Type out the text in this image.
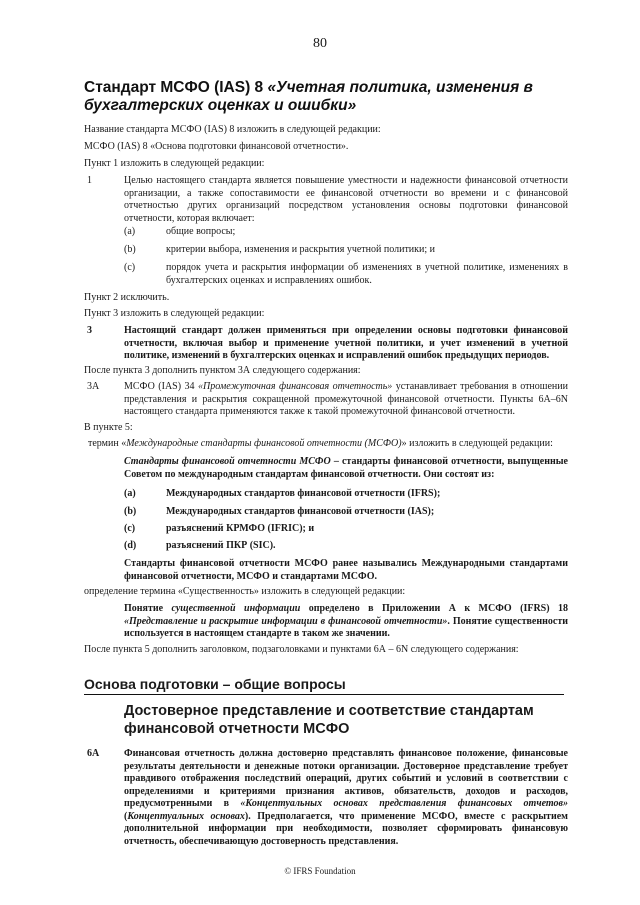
80
Стандарт МСФО (IAS) 8 «Учетная политика, изменения в бухгалтерских оценках и ошибки»

Название стандарта МСФО (IAS) 8 изложить в следующей редакции:

МСФО (IAS) 8 «Основа подготовки финансовой отчетности».

Пункт 1 изложить в следующей редакции:

1	Целью настоящего стандарта является повышение уместности и надежности финансовой отчетности организации, а также сопоставимости ее финансовой отчетности во времени и с финансовой отчетностью других организаций посредством установления основы подготовки финансовой отчетности, которая включает:

(a)	общие вопросы;

(b)	критерии выбора, изменения и раскрытия учетной политики; и

(c)	порядок учета и раскрытия информации об изменениях в учетной политике, изменениях в бухгалтерских оценках и исправлениях ошибок.

Пункт 2 исключить.

Пункт 3 изложить в следующей редакции:

3	Настоящий стандарт должен применяться при определении основы подготовки финансовой отчетности, включая выбор и применение учетной политики, и учет изменений в учетной политике, изменений в бухгалтерских оценках и исправлений ошибок предыдущих периодов.

После пункта 3 дополнить пунктом 3А следующего содержания:

3А МСФО (IAS) 34 «Промежуточная финансовая отчетность» устанавливает требования в отношении представления и раскрытия сокращенной промежуточной финансовой отчетности. Пункты 6А–6N настоящего стандарта применяются также к такой промежуточной финансовой отчетности.

В пункте 5:

термин «Международные стандарты финансовой отчетности (МСФО)» изложить в следующей редакции:

Стандарты финансовой отчетности МСФО – стандарты финансовой отчетности, выпущенные Советом по международным стандартам финансовой отчетности. Они состоят из:

(a)	Международных стандартов финансовой отчетности (IFRS);

(b)	Международных стандартов финансовой отчетности (IAS);

(c)	разъяснений КРМФО (IFRIC); и

(d)	разъяснений ПКР (SIC).

Стандарты финансовой отчетности МСФО ранее назывались Международными стандартами финансовой отчетности, МСФО и стандартами МСФО.

определение термина «Существенность» изложить в следующей редакции:

Понятие существенной информации определено в Приложении А к МСФО (IFRS) 18 «Представление и раскрытие информации в финансовой отчетности». Понятие существенности используется в настоящем стандарте в таком же значении.

После пункта 5 дополнить заголовком, подзаголовками и пунктами 6А – 6N следующего содержания:

Основа подготовки – общие вопросы
Достоверное представление и соответствие стандартам финансовой отчетности МСФО
6А Финансовая отчетность должна достоверно представлять финансовое положение, финансовые результаты деятельности и денежные потоки организации. Достоверное представление требует правдивого отображения последствий операций, других событий и условий в соответствии с определениями и критериями признания активов, обязательств, доходов и расходов, предусмотренными в «Концептуальных основах представления финансовых отчетов» (Концептуальных основах). Предполагается, что применение МСФО, вместе с раскрытием дополнительной информации при необходимости, позволяет сформировать финансовую отчетность, обеспечивающую достоверность представления.

© IFRS Foundation
